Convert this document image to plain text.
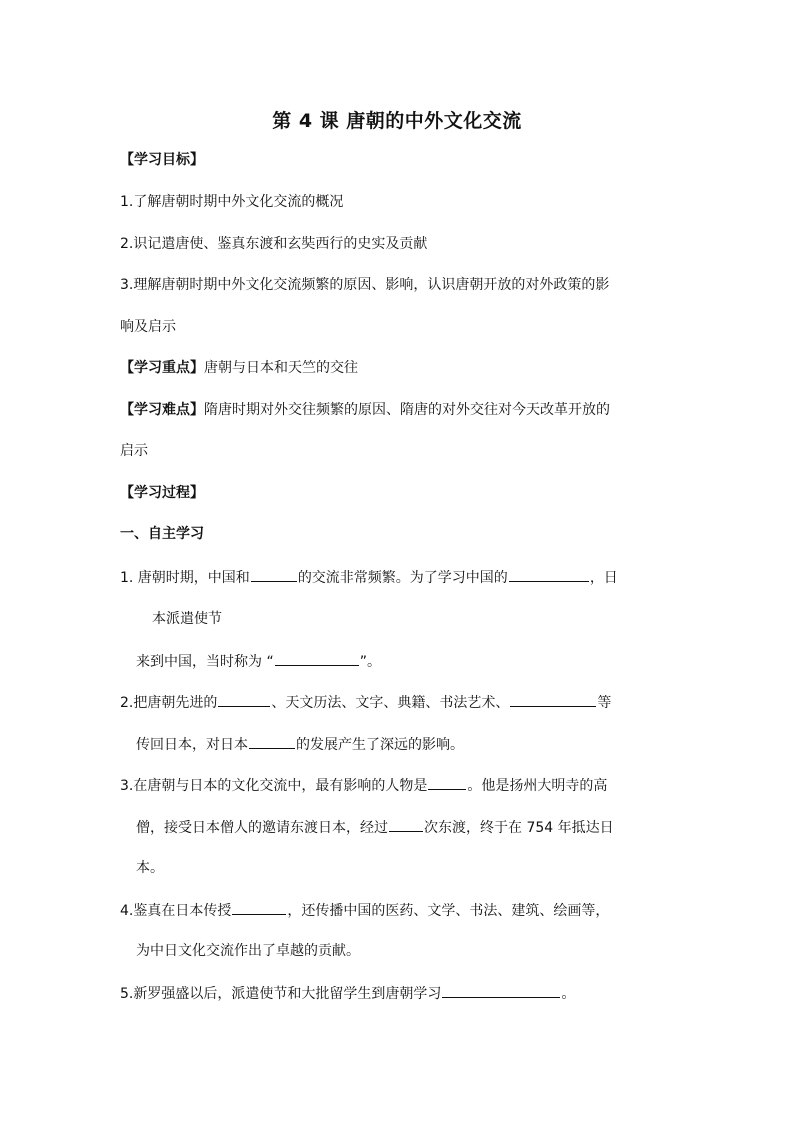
第 4 课 唐朝的中外文化交流
【学习目标】
1.了解唐朝时期中外文化交流的概况
2.识记遣唐使、鉴真东渡和玄奘西行的史实及贡献
3.理解唐朝时期中外文化交流频繁的原因、影响，认识唐朝开放的对外政策的影
响及启示
【学习重点】唐朝与日本和天竺的交往
【学习难点】隋唐时期对外交往频繁的原因、隋唐的对外交往对今天改革开放的
启示
【学习过程】
一、自主学习
1. 唐朝时期，中国和	的交流非常频繁。为了学习中国的	，日
本派遣使节
来到中国，当时称为 “	”。
2.把唐朝先进的	、天文历法、文字、典籍、书法艺术、	等
传回日本，对日本	的发展产生了深远的影响。
3.在唐朝与日本的文化交流中，最有影响的人物是	。他是扬州大明寺的高
僧，接受日本僧人的邀请东渡日本，经过	次东渡，终于在 754 年抵达日
本。
4.鉴真在日本传授	，还传播中国的医药、文学、书法、建筑、绘画等，
为中日文化交流作出了卓越的贡献。
5.新罗强盛以后，派遣使节和大批留学生到唐朝学习	。
